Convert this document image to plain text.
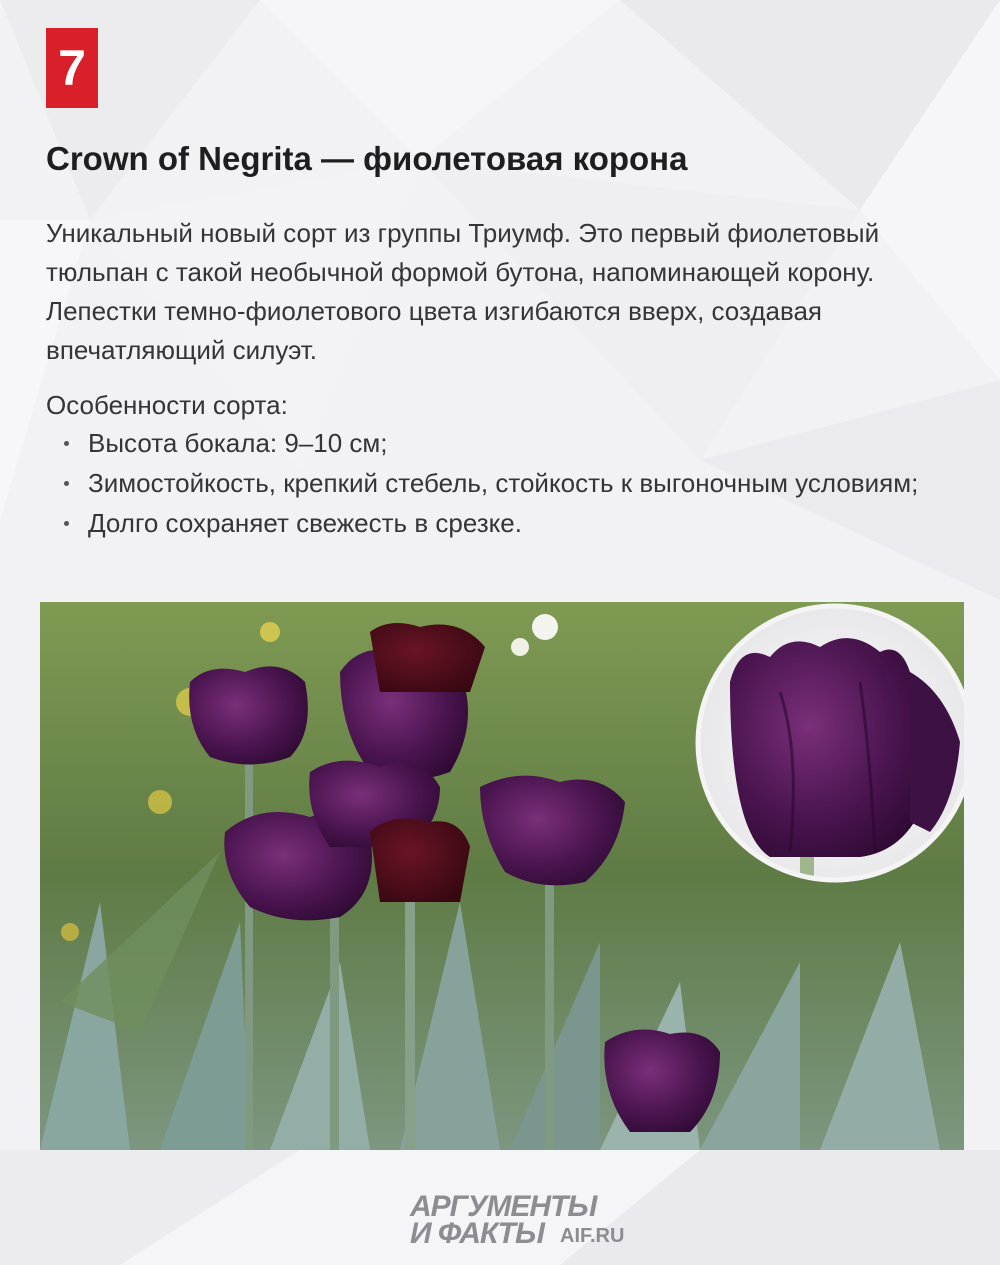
7
Crown of Negrita — фиолетовая корона

Уникальный новый сорт из группы Триумф. Это первый фиолетовый тюльпан с такой необычной формой бутона, напоминающей корону. Лепестки темно-фиолетового цвета изгибаются вверх, создавая впечатляющий силуэт.

Особенности сорта:

Высота бокала: 9–10 см;
Зимостойкость, крепкий стебель, стойкость к выгоночным условиям;
Долго сохраняет свежесть в срезке.
АРГУМЕНТЫ
И ФАКТЫ AIF.RU
